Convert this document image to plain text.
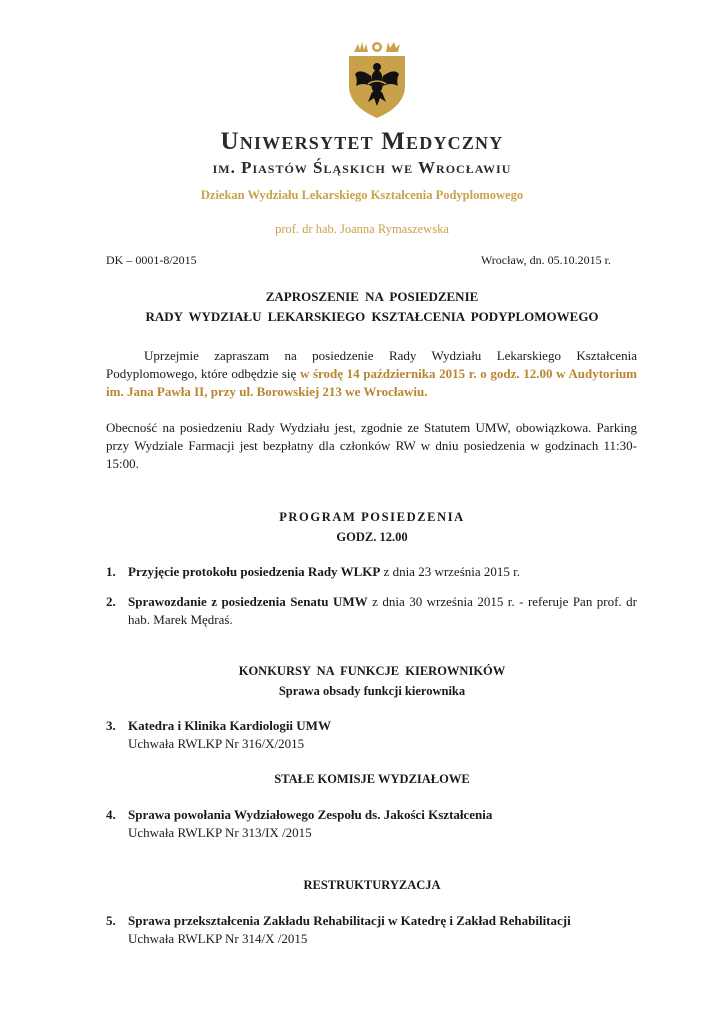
Uniwersytet Medyczny
im. Piastów Śląskich we Wrocławiu
Dziekan Wydziału Lekarskiego Kształcenia Podyplomowego
prof. dr hab. Joanna Rymaszewska
DK – 0001-8/2015	Wrocław, dn. 05.10.2015 r.
ZAPROSZENIE NA POSIEDZENIE
RADY WYDZIAŁU LEKARSKIEGO KSZTAŁCENIA PODYPLOMOWEGO
Uprzejmie zapraszam na posiedzenie Rady Wydziału Lekarskiego Kształcenia Podyplomowego, które odbędzie się w środę 14 października 2015 r. o godz. 12.00 w Audytorium im. Jana Pawła II, przy ul. Borowskiej 213 we Wrocławiu.
Obecność na posiedzeniu Rady Wydziału jest, zgodnie ze Statutem UMW, obowiązkowa. Parking przy Wydziale Farmacji jest bezpłatny dla członków RW w dniu posiedzenia w godzinach 11:30-15:00.
PROGRAM POSIEDZENIA
GODZ. 12.00
1. Przyjęcie protokołu posiedzenia Rady WLKP z dnia 23 września 2015 r.
2. Sprawozdanie z posiedzenia Senatu UMW z dnia 30 września 2015 r. - referuje Pan prof. dr hab. Marek Mędraś.
KONKURSY NA FUNKCJE KIEROWNIKÓW
Sprawa obsady funkcji kierownika
3. Katedra i Klinika Kardiologii UMW
Uchwała RWLKP Nr 316/X/2015
STAŁE KOMISJE WYDZIAŁOWE
4. Sprawa powołania Wydziałowego Zespołu ds. Jakości Kształcenia
Uchwała RWLKP Nr 313/IX /2015
RESTRUKTURYZACJA
5. Sprawa przekształcenia Zakładu Rehabilitacji w Katedrę i Zakład Rehabilitacji
Uchwała RWLKP Nr 314/X /2015
